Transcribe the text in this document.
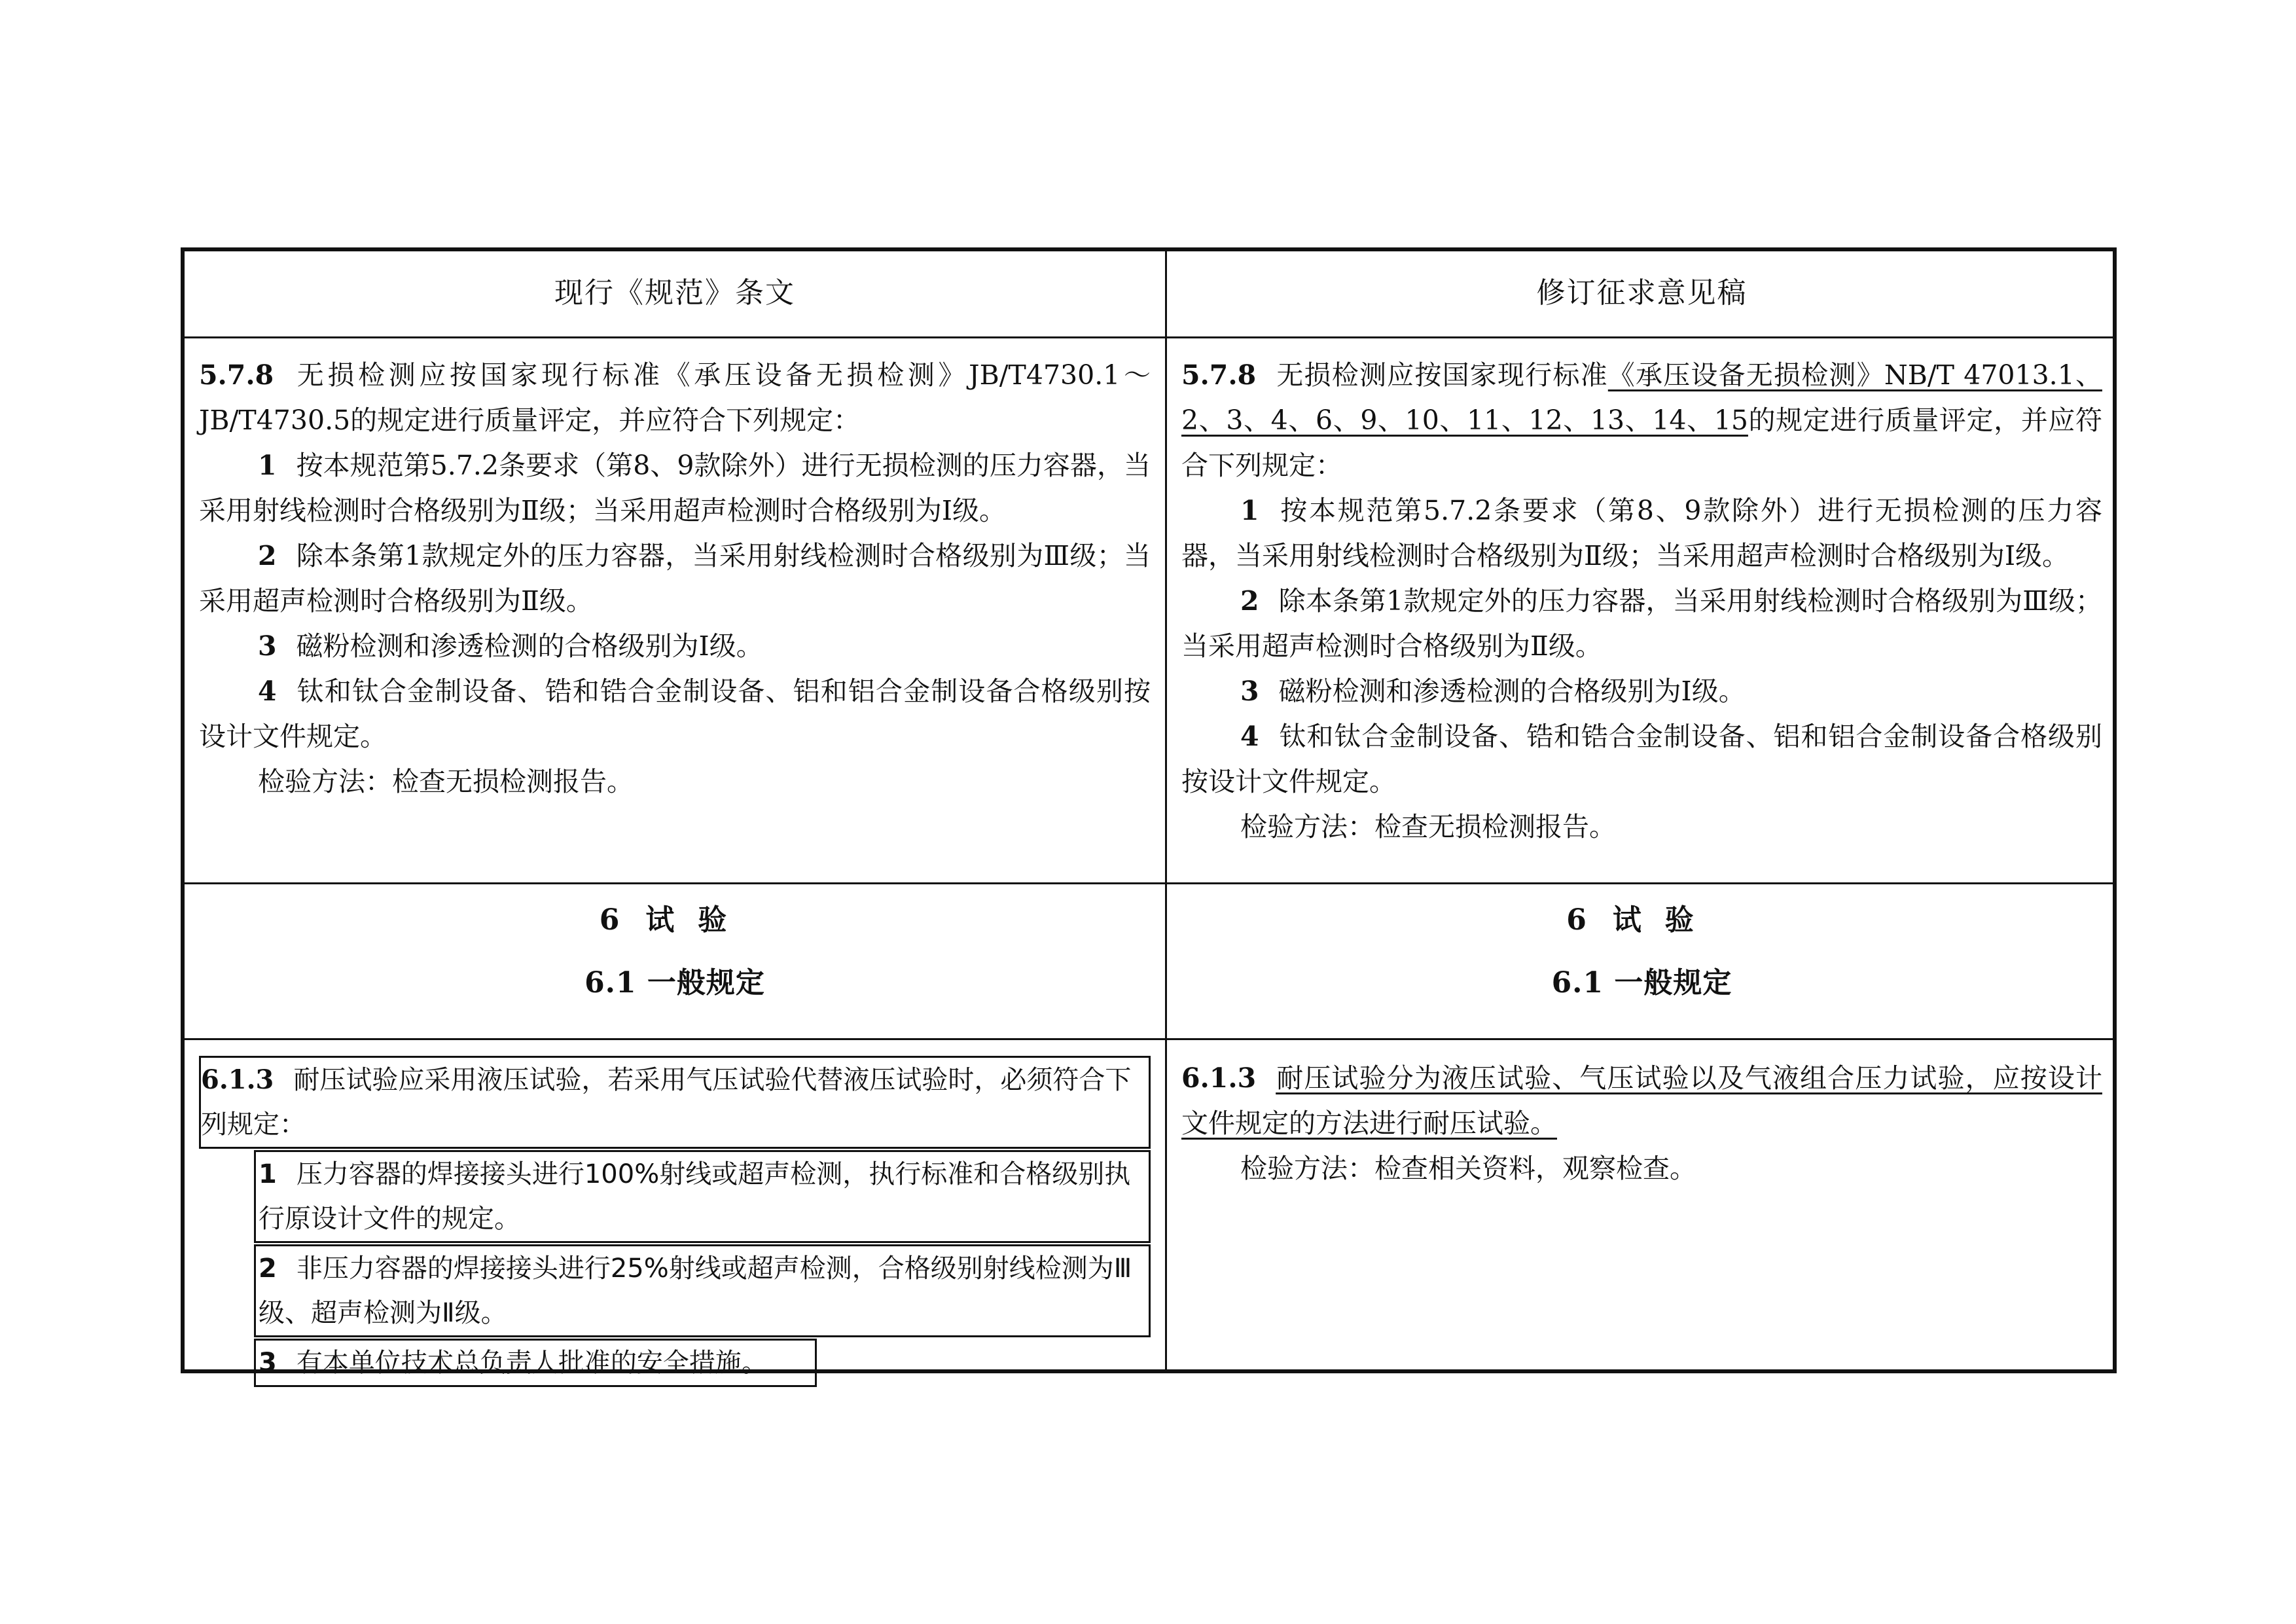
现行《规范》条文	修订征求意见稿

5.7.8 无损检测应按国家现行标准《承压设备无损检测》JB/T4730.1～JB/T4730.5的规定进行质量评定，并应符合下列规定：

1 按本规范第5.7.2条要求（第8、9款除外）进行无损检测的压力容器，当采用射线检测时合格级别为Ⅱ级；当采用超声检测时合格级别为Ⅰ级。

2 除本条第1款规定外的压力容器，当采用射线检测时合格级别为Ⅲ级；当采用超声检测时合格级别为Ⅱ级。

3 磁粉检测和渗透检测的合格级别为Ⅰ级。

4 钛和钛合金制设备、锆和锆合金制设备、铝和铝合金制设备合格级别按设计文件规定。

检验方法：检查无损检测报告。

5.7.8 无损检测应按国家现行标准《承压设备无损检测》NB/T 47013.1、2、3、4、6、9、10、11、12、13、14、15的规定进行质量评定，并应符合下列规定：

1 按本规范第5.7.2条要求（第8、9款除外）进行无损检测的压力容器，当采用射线检测时合格级别为Ⅱ级；当采用超声检测时合格级别为Ⅰ级。

2 除本条第1款规定外的压力容器，当采用射线检测时合格级别为Ⅲ级；当采用超声检测时合格级别为Ⅱ级。

3 磁粉检测和渗透检测的合格级别为Ⅰ级。

4 钛和钛合金制设备、锆和锆合金制设备、铝和铝合金制设备合格级别按设计文件规定。

检验方法：检查无损检测报告。

6 试验
6.1 一般规定
6 试验
6.1 一般规定
6.1.3 耐压试验应采用液压试验，若采用气压试验代替液压试验时，必须符合下列规定：
1 压力容器的焊接接头进行100%射线或超声检测，执行标准和合格级别执行原设计文件的规定。
2 非压力容器的焊接接头进行25%射线或超声检测，合格级别射线检测为Ⅲ级、超声检测为Ⅱ级。
3 有本单位技术总负责人批准的安全措施。

6.1.3 耐压试验分为液压试验、气压试验以及气液组合压力试验，应按设计文件规定的方法进行耐压试验。

检验方法：检查相关资料，观察检查。
